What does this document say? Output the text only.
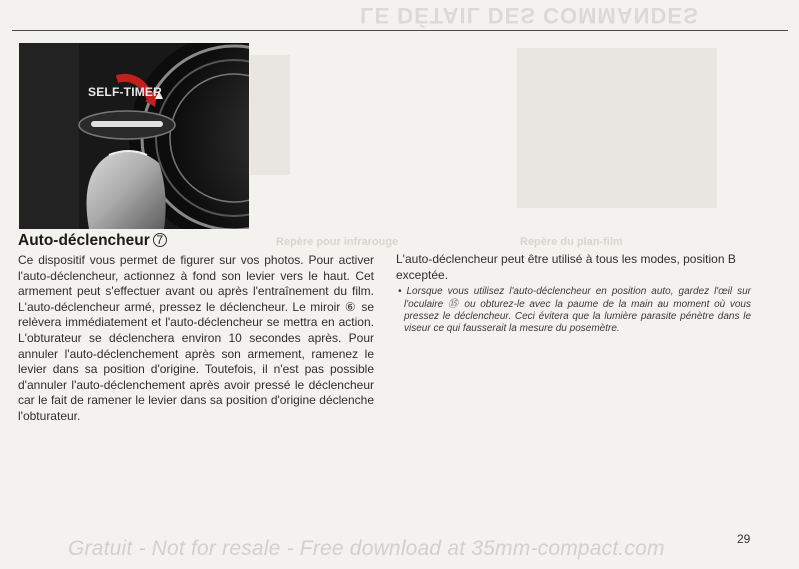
LE DÉTAIL DES COMMANDES
SELF-TIMER
Repère pour infrarouge	Repère du plan-film
Auto-déclencheur 7

Ce dispositif vous permet de figurer sur vos photos. Pour activer l'auto-déclencheur, actionnez à fond son levier vers le haut. Cet armement peut s'effectuer avant ou après l'entraînement du film. L'auto-déclencheur armé, pressez le déclencheur. Le miroir ⑥ se relèvera immédiatement et l'auto-déclencheur se mettra en action. L'obturateur se déclenchera environ 10 secondes après. Pour annuler l'auto-déclenchement après son armement, ramenez le levier dans sa position d'origine. Toutefois, il n'est pas possible d'annuler l'auto-déclenchement après avoir pressé le déclencheur car le fait de ramener le levier dans sa position d'origine déclenche l'obturateur.

L'auto-déclencheur peut être utilisé à tous les modes, position B exceptée.

• Lorsque vous utilisez l'auto-déclencheur en position auto, gardez l'œil sur l'oculaire ⑮ ou obturez-le avec la paume de la main au moment où vous pressez le déclencheur. Ceci évitera que la lumière parasite pénètre dans le viseur ce qui fausserait la mesure du posemètre.

Gratuit - Not for resale - Free download at 35mm-compact.com	29
